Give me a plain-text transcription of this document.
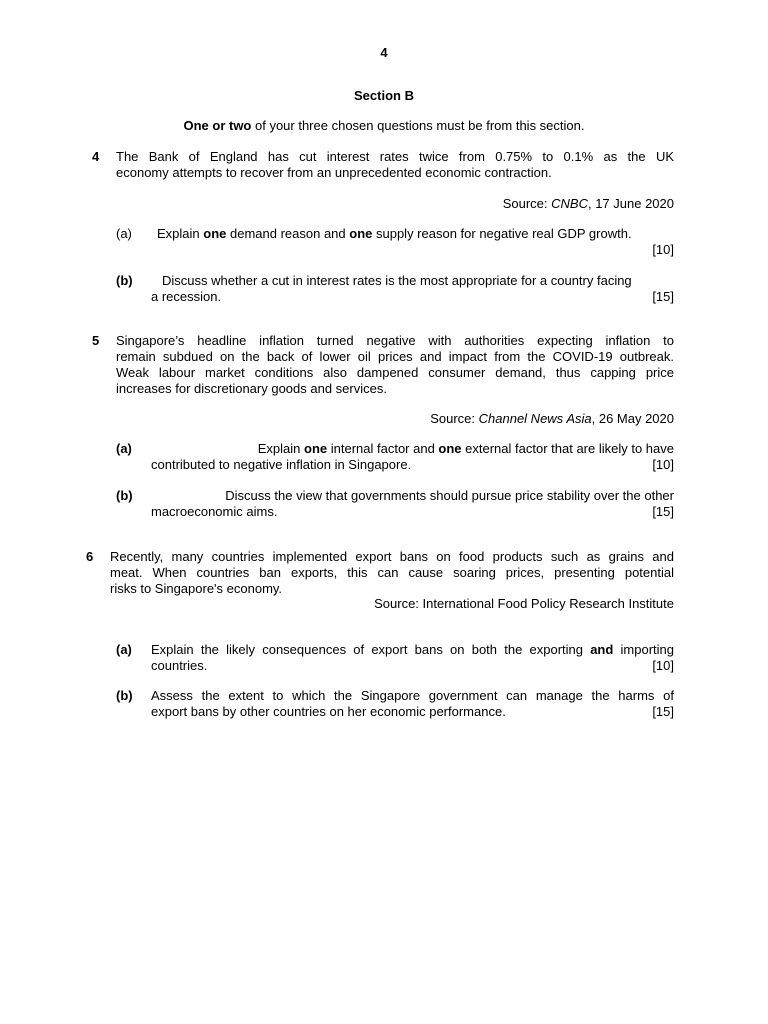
4
Section B
One or two of your three chosen questions must be from this section.
4 The Bank of England has cut interest rates twice from 0.75% to 0.1% as the UK
economy attempts to recover from an unprecedented economic contraction.
Source: CNBC, 17 June 2020
(a)	Explain one demand reason and one supply reason for negative real GDP growth.
[10]
(b)	Discuss whether a cut in interest rates is the most appropriate for a country facing
a recession.	[15]
5 Singapore’s headline inflation turned negative with authorities expecting inflation to
remain subdued on the back of lower oil prices and impact from the COVID-19 outbreak.
Weak labour market conditions also dampened consumer demand, thus capping price
increases for discretionary goods and services.
Source: Channel News Asia, 26 May 2020
(a)	Explain one internal factor and one external factor that are likely to have
contributed to negative inflation in Singapore.	[10]
(b)	Discuss the view that governments should pursue price stability over the other
macroeconomic aims.	[15]
6 Recently, many countries implemented export bans on food products such as grains and
meat. When countries ban exports, this can cause soaring prices, presenting potential
risks to Singapore's economy.
Source: International Food Policy Research Institute
(a) Explain the likely consequences of export bans on both the exporting and importing
countries.	[10]
(b) Assess the extent to which the Singapore government can manage the harms of
export bans by other countries on her economic performance.	[15]
